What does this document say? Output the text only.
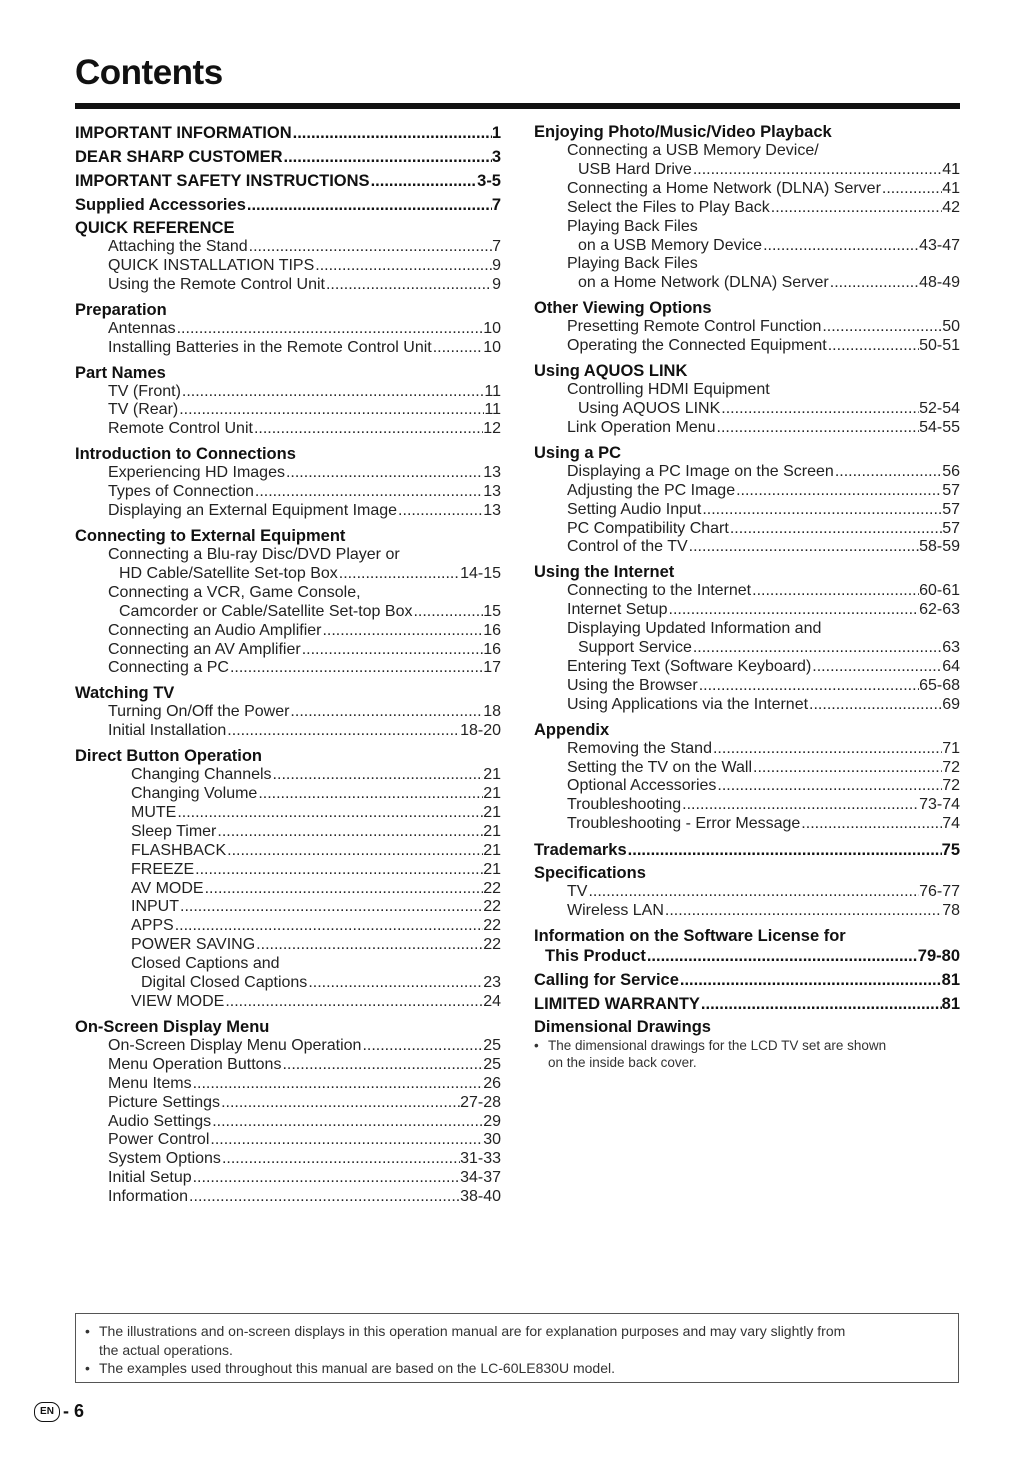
Contents
IMPORTANT INFORMATION .....	1
DEAR SHARP CUSTOMER .....	3
IMPORTANT SAFETY INSTRUCTIONS .....	3-5
Supplied Accessories .....	7
QUICK REFERENCE
Attaching the Stand .....	7
QUICK INSTALLATION TIPS .....	9
Using the Remote Control Unit .....	9
Preparation
Antennas .....	10
Installing Batteries in the Remote Control Unit .....	10
Part Names
TV (Front) .....	11
TV (Rear) .....	11
Remote Control Unit .....	12
Introduction to Connections
Experiencing HD Images .....	13
Types of Connection .....	13
Displaying an External Equipment Image .....	13
Connecting to External Equipment
Connecting a Blu-ray Disc/DVD Player or
HD Cable/Satellite Set-top Box .....	14-15
Connecting a VCR, Game Console,
Camcorder or Cable/Satellite Set-top Box .....	15
Connecting an Audio Amplifier .....	16
Connecting an AV Amplifier .....	16
Connecting a PC .....	17
Watching TV
Turning On/Off the Power .....	18
Initial Installation .....	18-20
Direct Button Operation
Changing Channels .....	21
Changing Volume .....	21
MUTE .....	21
Sleep Timer .....	21
FLASHBACK .....	21
FREEZE .....	21
AV MODE .....	22
INPUT .....	22
APPS .....	22
POWER SAVING .....	22
Closed Captions and
Digital Closed Captions .....	23
VIEW MODE .....	24
On-Screen Display Menu
On-Screen Display Menu Operation .....	25
Menu Operation Buttons .....	25
Menu Items .....	26
Picture Settings .....	27-28
Audio Settings .....	29
Power Control .....	30
System Options .....	31-33
Initial Setup .....	34-37
Information .....	38-40
Enjoying Photo/Music/Video Playback
Connecting a USB Memory Device/
USB Hard Drive .....	41
Connecting a Home Network (DLNA) Server .....	41
Select the Files to Play Back .....	42
Playing Back Files
on a USB Memory Device .....	43-47
Playing Back Files
on a Home Network (DLNA) Server .....	48-49
Other Viewing Options
Presetting Remote Control Function .....	50
Operating the Connected Equipment .....	50-51
Using AQUOS LINK
Controlling HDMI Equipment
Using AQUOS LINK .....	52-54
Link Operation Menu .....	54-55
Using a PC
Displaying a PC Image on the Screen .....	56
Adjusting the PC Image .....	57
Setting Audio Input .....	57
PC Compatibility Chart .....	57
Control of the TV .....	58-59
Using the Internet
Connecting to the Internet .....	60-61
Internet Setup .....	62-63
Displaying Updated Information and
Support Service .....	63
Entering Text (Software Keyboard) .....	64
Using the Browser .....	65-68
Using Applications via the Internet .....	69
Appendix
Removing the Stand .....	71
Setting the TV on the Wall .....	72
Optional Accessories .....	72
Troubleshooting .....	73-74
Troubleshooting - Error Message .....	74
Trademarks .....	75
Specifications
TV .....	76-77
Wireless LAN .....	78
Information on the Software License for
This Product .....	79-80
Calling for Service .....	81
LIMITED WARRANTY .....	81
Dimensional Drawings
• The dimensional drawings for the LCD TV set are shown
on the inside back cover.
• The illustrations and on-screen displays in this operation manual are for explanation purposes and may vary slightly from
the actual operations.
• The examples used throughout this manual are based on the LC-60LE830U model.
EN - 6
